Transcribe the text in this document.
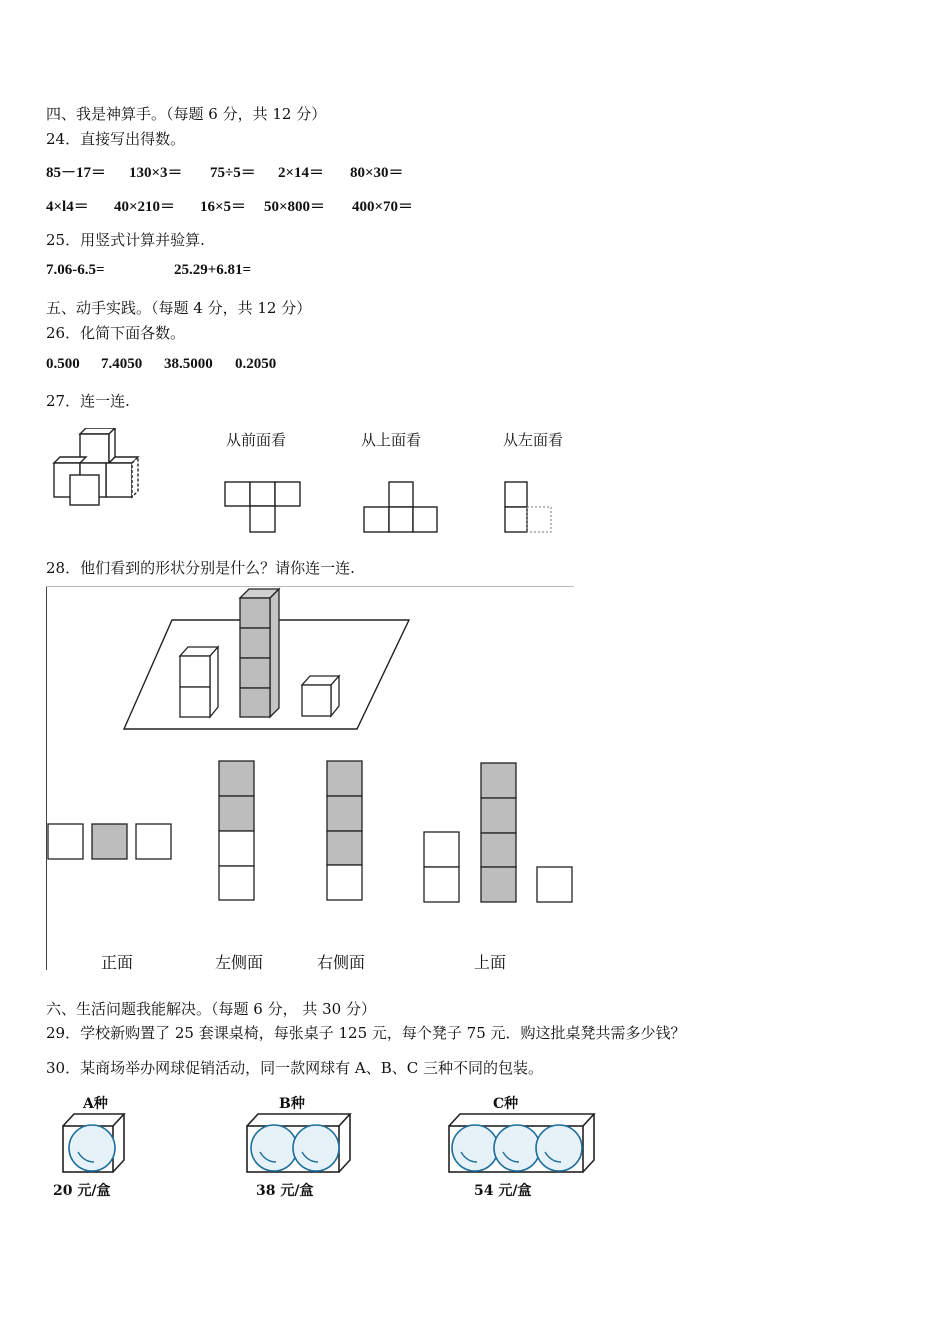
四、我是神算手。（每题 6 分，共 12 分）
24．直接写出得数。
85－17＝ 130×3＝ 75÷5＝ 2×14＝ 80×30＝
4×l4＝ 40×210＝ 16×5＝ 50×800＝ 400×70＝
25．用竖式计算并验算.
7.06-6.5=	25.29+6.81=
五、动手实践。（每题 4 分，共 12 分）
26．化简下面各数。
0.500 7.4050 38.5000 0.2050
27．连一连.
从前面看	从上面看	从左面看
28．他们看到的形状分别是什么？请你连一连.
正面	左侧面	右侧面	上面
六、生活问题我能解决。（每题 6 分， 共 30 分）
29．学校新购置了 25 套课桌椅，每张桌子 125 元，每个凳子 75 元．购这批桌凳共需多少钱？
30．某商场举办网球促销活动，同一款网球有 A、B、C 三种不同的包装。
A种	B种	C种
20 元/盒	38 元/盒	54 元/盒
